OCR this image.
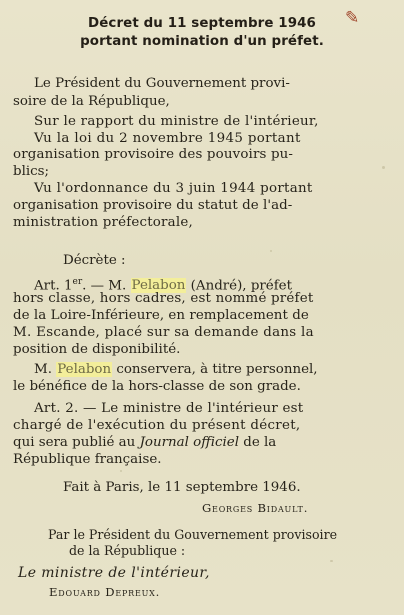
Décret du 11 septembre 1946
portant nomination d'un préfet.
✎
Le Président du Gouvernement provi-
soire de la République,
Sur le rapport du ministre de l'intérieur,
Vu la loi du 2 novembre 1945 portant
organisation provisoire des pouvoirs pu-
blics;
Vu l'ordonnance du 3 juin 1944 portant
organisation provisoire du statut de l'ad-
ministration préfectorale,
Décrète :
Art. 1er. — M. Pelabon (André), préfet
hors classe, hors cadres, est nommé préfet
de la Loire-Inférieure, en remplacement de
M. Escande, placé sur sa demande dans la
position de disponibilité.
M. Pelabon conservera, à titre personnel,
le bénéfice de la hors-classe de son grade.
Art. 2. — Le ministre de l'intérieur est
chargé de l'exécution du présent décret,
qui sera publié au Journal officiel de la
République française.
Fait à Paris, le 11 septembre 1946.
Georges Bidault.
Par le Président du Gouvernement provisoire
de la République :
Le ministre de l'intérieur,
Edouard Depreux.
